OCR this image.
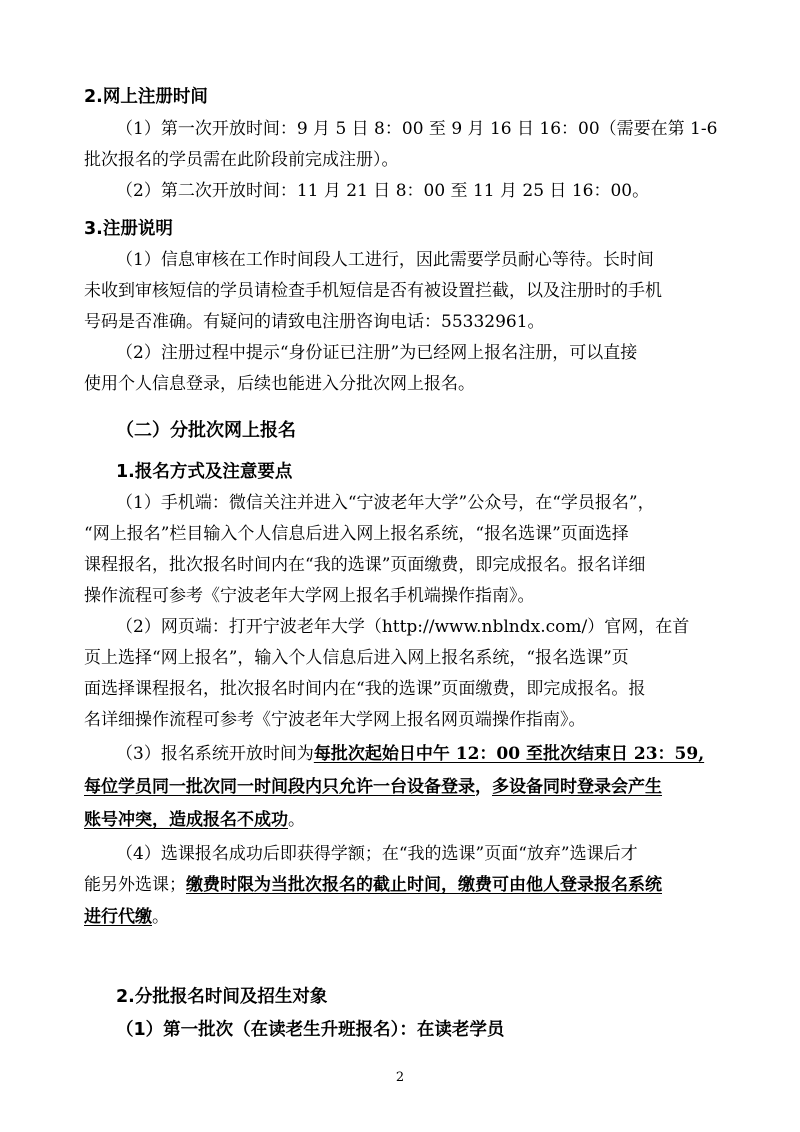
2.网上注册时间
（1）第一次开放时间：9 月 5 日 8：00 至 9 月 16 日 16：00（需要在第 1-6
批次报名的学员需在此阶段前完成注册）。
（2）第二次开放时间：11 月 21 日 8：00 至 11 月 25 日 16：00。
3.注册说明
（1）信息审核在工作时间段人工进行，因此需要学员耐心等待。长时间
未收到审核短信的学员请检查手机短信是否有被设置拦截，以及注册时的手机
号码是否准确。有疑问的请致电注册咨询电话：55332961。
（2）注册过程中提示“身份证已注册”为已经网上报名注册，可以直接
使用个人信息登录，后续也能进入分批次网上报名。
（二）分批次网上报名
1.报名方式及注意要点
（1）手机端：微信关注并进入“宁波老年大学”公众号，在“学员报名”，
“网上报名”栏目输入个人信息后进入网上报名系统，“报名选课”页面选择
课程报名，批次报名时间内在“我的选课”页面缴费，即完成报名。报名详细
操作流程可参考《宁波老年大学网上报名手机端操作指南》。
（2）网页端：打开宁波老年大学（http://www.nblndx.com/）官网，在首
页上选择“网上报名”，输入个人信息后进入网上报名系统，“报名选课”页
面选择课程报名，批次报名时间内在“我的选课”页面缴费，即完成报名。报
名详细操作流程可参考《宁波老年大学网上报名网页端操作指南》。
（3）报名系统开放时间为每批次起始日中午 12：00 至批次结束日 23：59,
每位学员同一批次同一时间段内只允许一台设备登录，多设备同时登录会产生
账号冲突，造成报名不成功。
（4）选课报名成功后即获得学额；在“我的选课”页面“放弃”选课后才
能另外选课；缴费时限为当批次报名的截止时间，缴费可由他人登录报名系统
进行代缴。
2.分批报名时间及招生对象
（1）第一批次（在读老生升班报名）：在读老学员
2
